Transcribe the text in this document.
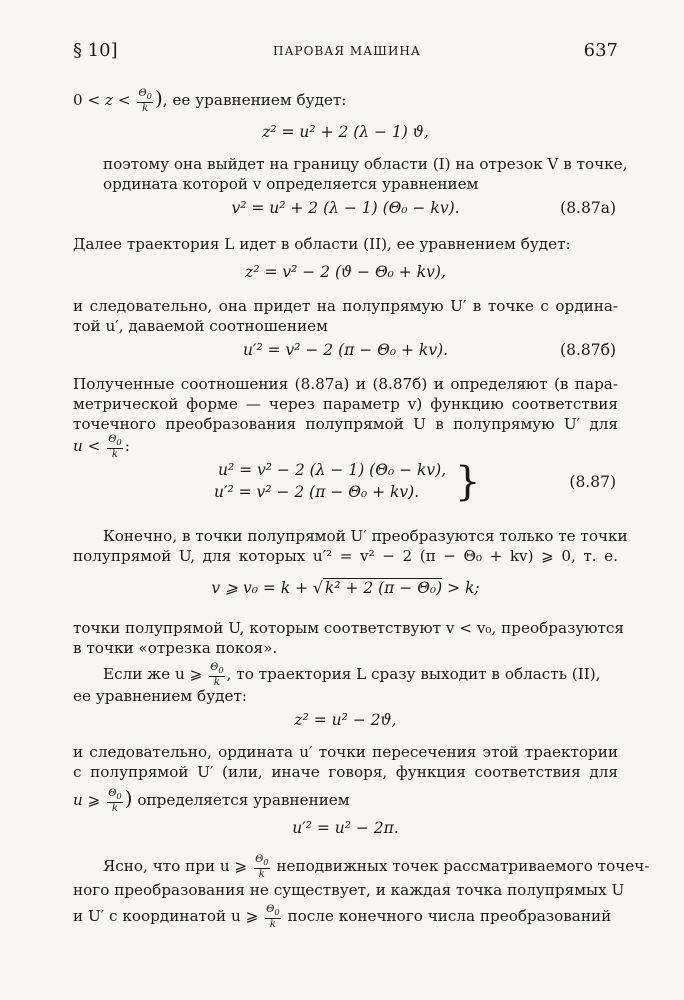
§ 10]	ПАРОВАЯ МАШИНА	637
$0 < z < \frac{\Theta_0}{k}$ ), ее уравнением будет:
z² = u² + 2 (λ − 1) ϑ,
поэтому она выйдет на границу области (I) на отрезок V в точке,
ордината которой v определяется уравнением
v² = u² + 2 (λ − 1) (Θ₀ − kv).	(8.87а)
Далее траектория L идет в области (II), ее уравнением будет:
z² = v² − 2 (ϑ − Θ₀ + kv),
и следовательно, она придет на полупрямую U′ в точке с ордина-
той u′, даваемой соотношением
u′² = v² − 2 (π − Θ₀ + kv).	(8.87б)
Полученные соотношения (8.87а) и (8.87б) и определяют (в пара-
метрической форме — через параметр v) функцию соответствия
точечного преобразования полупрямой U в полупрямую U′ для
$u < \frac{\Theta_0}{k}$ :
u² = v² − 2 (λ − 1) (Θ₀ − kv),
u′² = v² − 2 (π − Θ₀ + kv). }	(8.87)
Конечно, в точки полупрямой U′ преобразуются только те точки
полупрямой U, для которых u′² = v² − 2 (π − Θ₀ + kv) ⩾ 0, т. е.
v ⩾ v₀ = k + √ k² + 2 (π − Θ₀) > k;
точки полупрямой U, которым соответствуют v < v₀, преобразуются
в точки «отрезка покоя».
Если же u ⩾ $\frac{\Theta_0}{k}$ , то траектория L сразу выходит в область (II),
ее уравнением будет:
z² = u² − 2ϑ,
и следовательно, ордината u′ точки пересечения этой траектории
с полупрямой U′ (или, иначе говоря, функция соответствия для
u ⩾ $\frac{\Theta_0}{k}$ ) определяется уравнением
u′² = u² − 2π.
Ясно, что при u ⩾ $\frac{\Theta_0}{k}$ неподвижных точек рассматриваемого точеч-
ного преобразования не существует, и каждая точка полупрямых U
и U′ с координатой u ⩾ $\frac{\Theta_0}{k}$ после конечного числа преобразований
